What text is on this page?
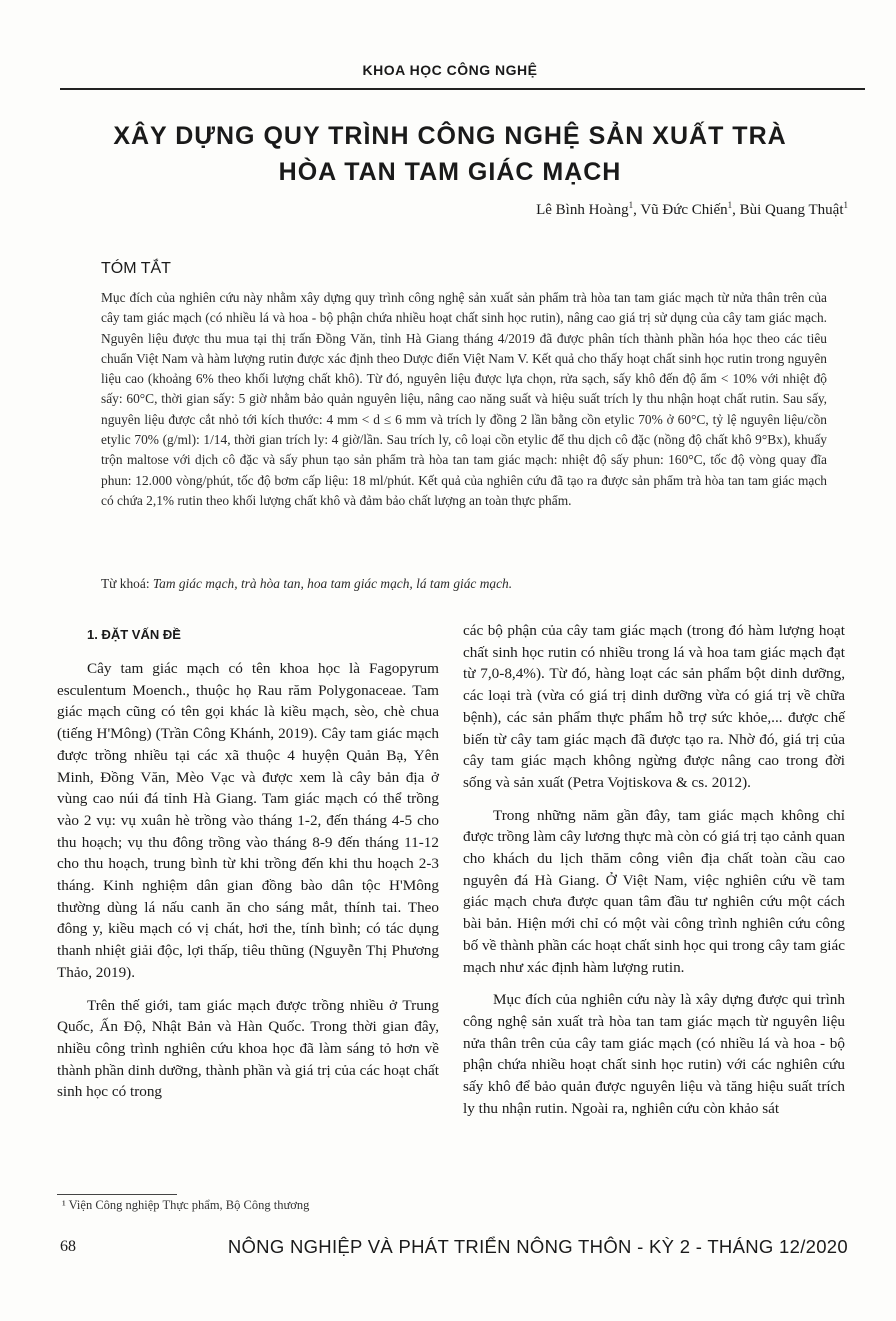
KHOA HỌC CÔNG NGHỆ
XÂY DỰNG QUY TRÌNH CÔNG NGHỆ SẢN XUẤT TRÀ
HÒA TAN TAM GIÁC MẠCH
Lê Bình Hoàng$^1$, Vũ Đức Chiến$^1$, Bùi Quang Thuật$^1$
TÓM TẮT
Mục đích của nghiên cứu này nhằm xây dựng quy trình công nghệ sản xuất sản phẩm trà hòa tan tam giác mạch từ nửa thân trên của cây tam giác mạch (có nhiều lá và hoa - bộ phận chứa nhiều hoạt chất sinh học rutin), nâng cao giá trị sử dụng của cây tam giác mạch. Nguyên liệu được thu mua tại thị trấn Đồng Văn, tỉnh Hà Giang tháng 4/2019 đã được phân tích thành phần hóa học theo các tiêu chuẩn Việt Nam và hàm lượng rutin được xác định theo Dược điển Việt Nam V. Kết quả cho thấy hoạt chất sinh học rutin trong nguyên liệu cao (khoảng 6% theo khối lượng chất khô). Từ đó, nguyên liệu được lựa chọn, rửa sạch, sấy khô đến độ ẩm < 10% với nhiệt độ sấy: 60°C, thời gian sấy: 5 giờ nhằm bảo quản nguyên liệu, nâng cao năng suất và hiệu suất trích ly thu nhận hoạt chất rutin. Sau sấy, nguyên liệu được cắt nhỏ tới kích thước: 4 mm < d ≤ 6 mm và trích ly đồng 2 lần bằng cồn etylic 70% ở 60°C, tỷ lệ nguyên liệu/cồn etylic 70% (g/ml): 1/14, thời gian trích ly: 4 giờ/lần. Sau trích ly, cô loại cồn etylic để thu dịch cô đặc (nồng độ chất khô 9°Bx), khuấy trộn maltose với dịch cô đặc và sấy phun tạo sản phẩm trà hòa tan tam giác mạch: nhiệt độ sấy phun: 160°C, tốc độ vòng quay đĩa phun: 12.000 vòng/phút, tốc độ bơm cấp liệu: 18 ml/phút. Kết quả của nghiên cứu đã tạo ra được sản phẩm trà hòa tan tam giác mạch có chứa 2,1% rutin theo khối lượng chất khô và đảm bảo chất lượng an toàn thực phẩm.
Từ khoá: Tam giác mạch, trà hòa tan, hoa tam giác mạch, lá tam giác mạch.
1. ĐẶT VẤN ĐỀ

Cây tam giác mạch có tên khoa học là Fagopyrum esculentum Moench., thuộc họ Rau răm Polygonaceae. Tam giác mạch cũng có tên gọi khác là kiều mạch, sèo, chè chua (tiếng H'Mông) (Trần Công Khánh, 2019). Cây tam giác mạch được trồng nhiều tại các xã thuộc 4 huyện Quản Bạ, Yên Minh, Đồng Văn, Mèo Vạc và được xem là cây bản địa ở vùng cao núi đá tỉnh Hà Giang. Tam giác mạch có thể trồng vào 2 vụ: vụ xuân hè trồng vào tháng 1-2, đến tháng 4-5 cho thu hoạch; vụ thu đông trồng vào tháng 8-9 đến tháng 11-12 cho thu hoạch, trung bình từ khi trồng đến khi thu hoạch 2-3 tháng. Kinh nghiệm dân gian đồng bào dân tộc H'Mông thường dùng lá nấu canh ăn cho sáng mắt, thính tai. Theo đông y, kiều mạch có vị chát, hơi the, tính bình; có tác dụng thanh nhiệt giải độc, lợi thấp, tiêu thũng (Nguyễn Thị Phương Thảo, 2019).

Trên thế giới, tam giác mạch được trồng nhiều ở Trung Quốc, Ấn Độ, Nhật Bản và Hàn Quốc. Trong thời gian đây, nhiều công trình nghiên cứu khoa học đã làm sáng tỏ hơn về thành phần dinh dưỡng, thành phần và giá trị của các hoạt chất sinh học có trong

các bộ phận của cây tam giác mạch (trong đó hàm lượng hoạt chất sinh học rutin có nhiều trong lá và hoa tam giác mạch đạt từ 7,0-8,4%). Từ đó, hàng loạt các sản phẩm bột dinh dưỡng, các loại trà (vừa có giá trị dinh dưỡng vừa có giá trị về chữa bệnh), các sản phẩm thực phẩm hỗ trợ sức khỏe,... được chế biến từ cây tam giác mạch đã được tạo ra. Nhờ đó, giá trị của cây tam giác mạch không ngừng được nâng cao trong đời sống và sản xuất (Petra Vojtiskova & cs. 2012).

Trong những năm gần đây, tam giác mạch không chỉ được trồng làm cây lương thực mà còn có giá trị tạo cảnh quan cho khách du lịch thăm công viên địa chất toàn cầu cao nguyên đá Hà Giang. Ở Việt Nam, việc nghiên cứu về tam giác mạch chưa được quan tâm đầu tư nghiên cứu một cách bài bản. Hiện mới chỉ có một vài công trình nghiên cứu công bố về thành phần các hoạt chất sinh học qui trong cây tam giác mạch như xác định hàm lượng rutin.

Mục đích của nghiên cứu này là xây dựng được qui trình công nghệ sản xuất trà hòa tan tam giác mạch từ nguyên liệu nửa thân trên của cây tam giác mạch (có nhiều lá và hoa - bộ phận chứa nhiều hoạt chất sinh học rutin) với các nghiên cứu sấy khô để bảo quản được nguyên liệu và tăng hiệu suất trích ly thu nhận rutin. Ngoài ra, nghiên cứu còn khảo sát

¹ Viện Công nghiệp Thực phẩm, Bộ Công thương
68	NÔNG NGHIỆP VÀ PHÁT TRIỂN NÔNG THÔN - KỲ 2 - THÁNG 12/2020
